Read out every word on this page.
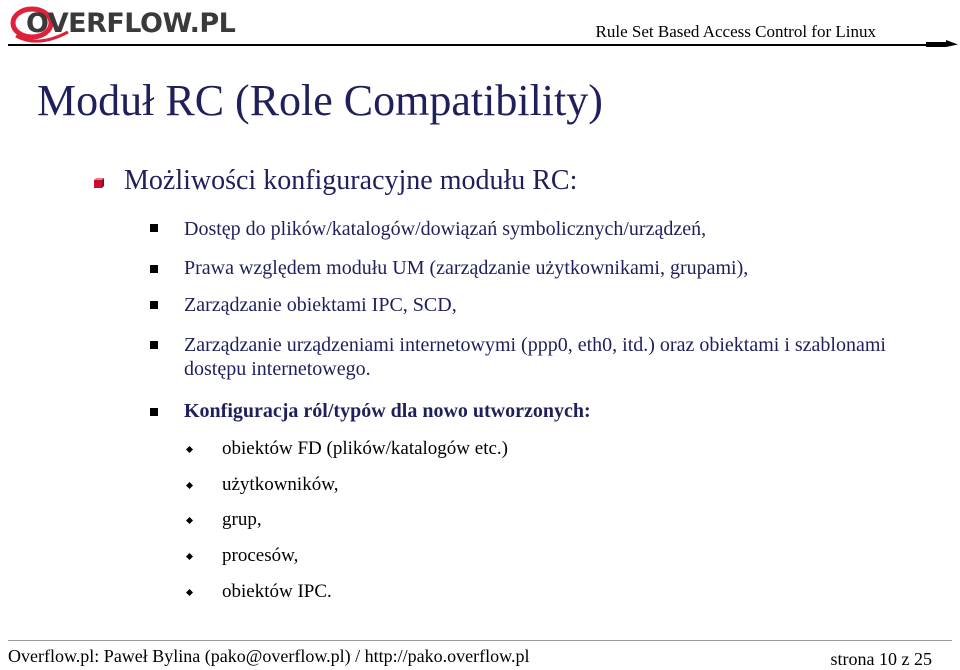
OVERFLOW.PL	Rule Set Based Access Control for Linux
Moduł RC (Role Compatibility)
Możliwości konfiguracyjne modułu RC:
Dostęp do plików/katalogów/dowiązań symbolicznych/urządzeń,
Prawa względem modułu UM (zarządzanie użytkownikami, grupami),
Zarządzanie obiektami IPC, SCD,
Zarządzanie urządzeniami internetowymi (ppp0, eth0, itd.) oraz obiektami i szablonami dostępu internetowego.
Konfiguracja ról/typów dla nowo utworzonych:
obiektów FD (plików/katalogów etc.)
użytkowników,
grup,
procesów,
obiektów IPC.
Overflow.pl: Paweł Bylina (pako@overflow.pl) / http://pako.overflow.pl	strona 10 z 25
